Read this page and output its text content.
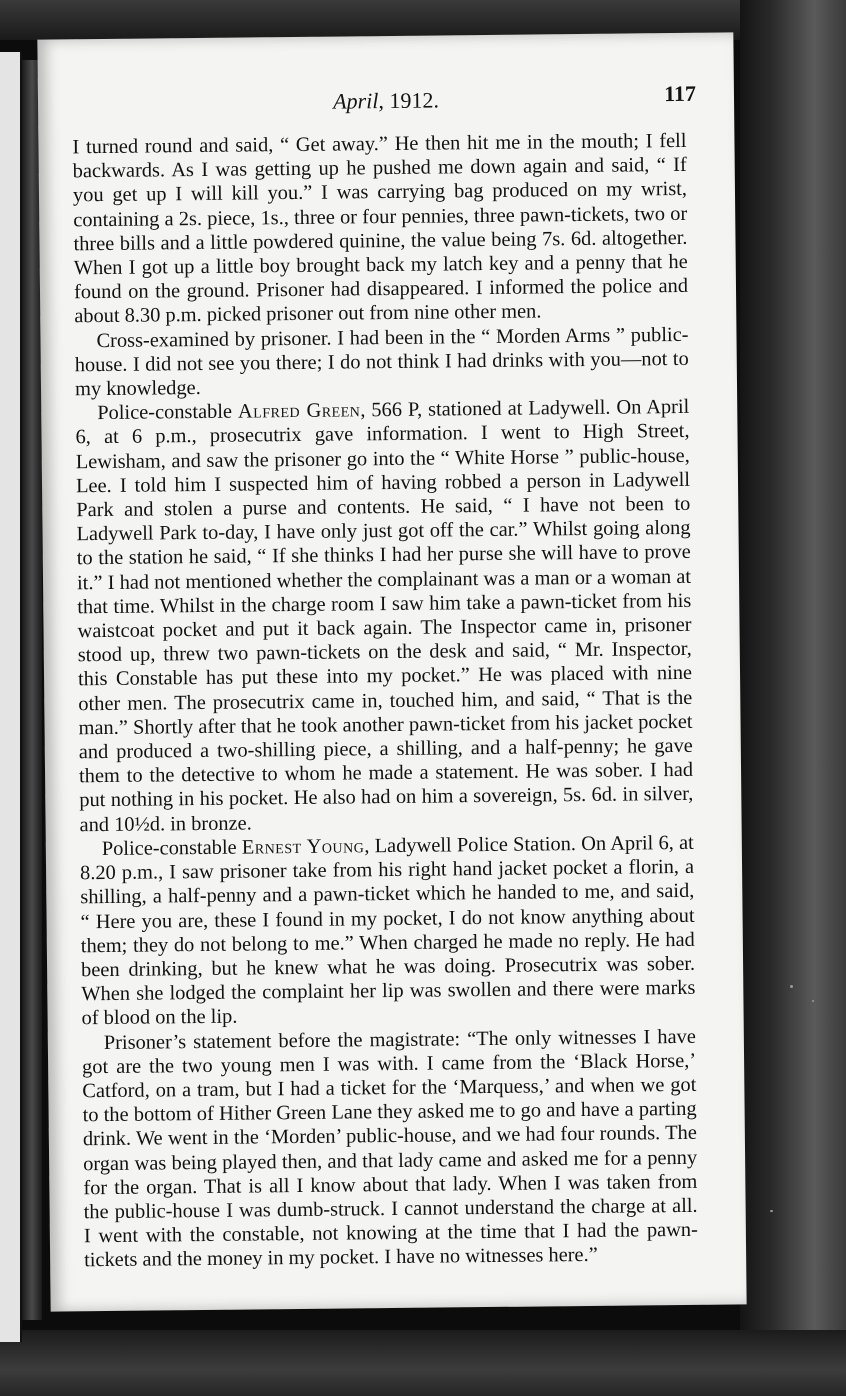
April, 1912.	117

I turned round and said, “ Get away.” He then hit me in the mouth; I fell backwards. As I was getting up he pushed me down again and said, “ If you get up I will kill you.” I was carrying bag produced on my wrist, containing a 2s. piece, 1s., three or four pennies, three pawn-tickets, two or three bills and a little powdered quinine, the value being 7s. 6d. altogether. When I got up a little boy brought back my latch key and a penny that he found on the ground. Prisoner had disappeared. I informed the police and about 8.30 p.m. picked prisoner out from nine other men.

Cross-examined by prisoner. I had been in the “ Morden Arms ” public-house. I did not see you there; I do not think I had drinks with you—not to my knowledge.

Police-constable Alfred Green, 566 P, stationed at Ladywell. On April 6, at 6 p.m., prosecutrix gave information. I went to High Street, Lewisham, and saw the prisoner go into the “ White Horse ” public-house, Lee. I told him I suspected him of having robbed a person in Ladywell Park and stolen a purse and contents. He said, “ I have not been to Ladywell Park to-day, I have only just got off the car.” Whilst going along to the station he said, “ If she thinks I had her purse she will have to prove it.” I had not mentioned whether the complainant was a man or a woman at that time. Whilst in the charge room I saw him take a pawn-ticket from his waistcoat pocket and put it back again. The Inspector came in, prisoner stood up, threw two pawn-tickets on the desk and said, “ Mr. Inspector, this Constable has put these into my pocket.” He was placed with nine other men. The prosecutrix came in, touched him, and said, “ That is the man.” Shortly after that he took another pawn-ticket from his jacket pocket and produced a two-shilling piece, a shilling, and a half-penny; he gave them to the detective to whom he made a statement. He was sober. I had put nothing in his pocket. He also had on him a sovereign, 5s. 6d. in silver, and 10½d. in bronze.

Police-constable Ernest Young, Ladywell Police Station. On April 6, at 8.20 p.m., I saw prisoner take from his right hand jacket pocket a florin, a shilling, a half-penny and a pawn-ticket which he handed to me, and said, “ Here you are, these I found in my pocket, I do not know anything about them; they do not belong to me.” When charged he made no reply. He had been drinking, but he knew what he was doing. Prosecutrix was sober. When she lodged the complaint her lip was swollen and there were marks of blood on the lip.

Prisoner’s statement before the magistrate: “The only witnesses I have got are the two young men I was with. I came from the ‘Black Horse,’ Catford, on a tram, but I had a ticket for the ‘Marquess,’ and when we got to the bottom of Hither Green Lane they asked me to go and have a parting drink. We went in the ‘Morden’ public-house, and we had four rounds. The organ was being played then, and that lady came and asked me for a penny for the organ. That is all I know about that lady. When I was taken from the public-house I was dumb-struck. I cannot understand the charge at all. I went with the constable, not knowing at the time that I had the pawn-tickets and the money in my pocket. I have no witnesses here.”
